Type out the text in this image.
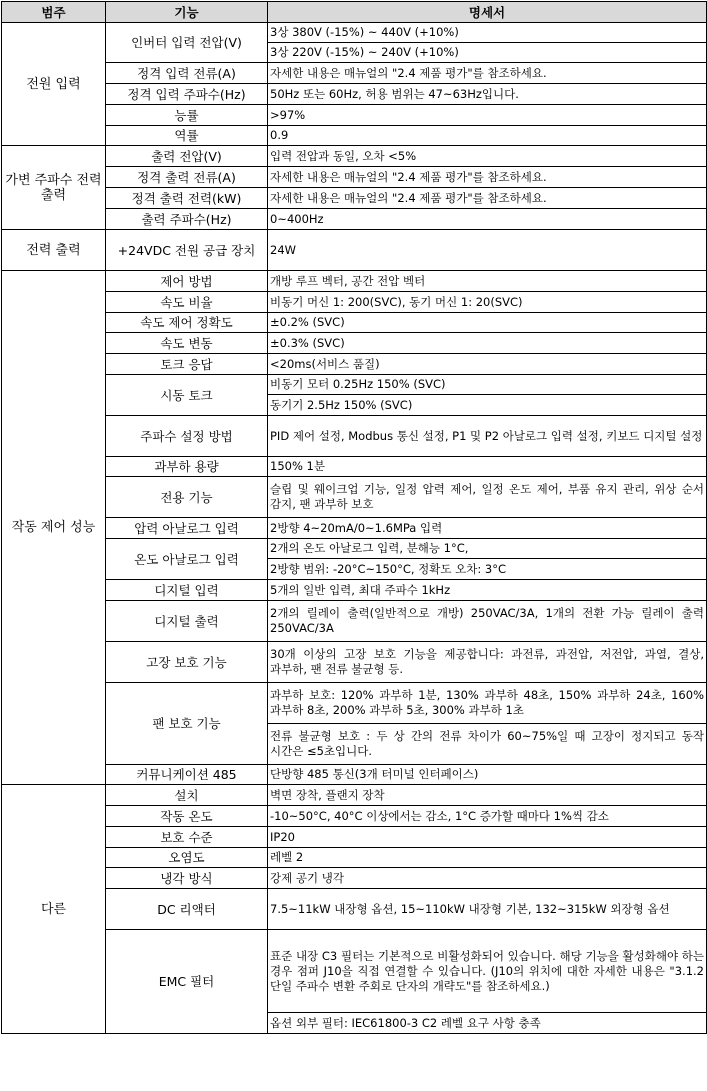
범주	기능	명세서
전원 입력	인버터 입력 전압(V)	3상 380V (-15%) ~ 440V (+10%)
		3상 220V (-15%) ~ 240V (+10%)
	정격 입력 전류(A)	자세한 내용은 매뉴얼의 "2.4 제품 평가"를 참조하세요.
	정격 입력 주파수(Hz)	50Hz 또는 60Hz, 허용 범위는 47~63Hz입니다.
	능률	>97%
	역률	0.9
가변 주파수 전력 출력	출력 전압(V)	입력 전압과 동일, 오차 <5%
	정격 출력 전류(A)	자세한 내용은 매뉴얼의 "2.4 제품 평가"를 참조하세요.
	정격 출력 전력(kW)	자세한 내용은 매뉴얼의 "2.4 제품 평가"를 참조하세요.
	출력 주파수(Hz)	0~400Hz
전력 출력	+24VDC 전원 공급 장치	24W
작동 제어 성능	제어 방법	개방 루프 벡터, 공간 전압 벡터
	속도 비율	비동기 머신 1: 200(SVC), 동기 머신 1: 20(SVC)
	속도 제어 정확도	±0.2% (SVC)
	속도 변동	±0.3% (SVC)
	토크 응답	<20ms(서비스 품질)
	시동 토크	비동기 모터 0.25Hz 150% (SVC)
		동기기 2.5Hz 150% (SVC)
	주파수 설정 방법	PID 제어 설정, Modbus 통신 설정, P1 및 P2 아날로그 입력 설정, 키보드 디지털 설정
	과부하 용량	150% 1분
	전용 기능	슬립 및 웨이크업 기능, 일정 압력 제어, 일정 온도 제어, 부품 유지 관리, 위상 순서 감지, 팬 과부하 보호
	압력 아날로그 입력	2방향 4~20mA/0~1.6MPa 입력
	온도 아날로그 입력	2개의 온도 아날로그 입력, 분해능 1°C,
		2방향 범위: -20°C~150°C, 정확도 오차: 3°C
	디지털 입력	5개의 일반 입력, 최대 주파수 1kHz
	디지털 출력	2개의 릴레이 출력(일반적으로 개방) 250VAC/3A, 1개의 전환 가능 릴레이 출력 250VAC/3A
	고장 보호 기능	30개 이상의 고장 보호 기능을 제공합니다: 과전류, 과전압, 저전압, 과열, 결상, 과부하, 팬 전류 불균형 등.
	팬 보호 기능	과부하 보호: 120% 과부하 1분, 130% 과부하 48초, 150% 과부하 24초, 160% 과부하 8초, 200% 과부하 5초, 300% 과부하 1초
		전류 불균형 보호 : 두 상 간의 전류 차이가 60~75%일 때 고장이 정지되고 동작 시간은 ≤5초입니다.
	커뮤니케이션 485	단방향 485 통신(3개 터미널 인터페이스)
다른	설치	벽면 장착, 플랜지 장착
	작동 온도	-10~50°C, 40°C 이상에서는 감소, 1°C 증가할 때마다 1%씩 감소
	보호 수준	IP20
	오염도	레벨 2
	냉각 방식	강제 공기 냉각
	DC 리액터	7.5~11kW 내장형 옵션, 15~110kW 내장형 기본, 132~315kW 외장형 옵션
	EMC 필터	표준 내장 C3 필터는 기본적으로 비활성화되어 있습니다. 해당 기능을 활성화해야 하는 경우 점퍼 J10을 직접 연결할 수 있습니다. (J10의 위치에 대한 자세한 내용은 "3.1.2 단일 주파수 변환 주회로 단자의 개략도"를 참조하세요.)
		옵션 외부 필터: IEC61800-3 C2 레벨 요구 사항 충족
